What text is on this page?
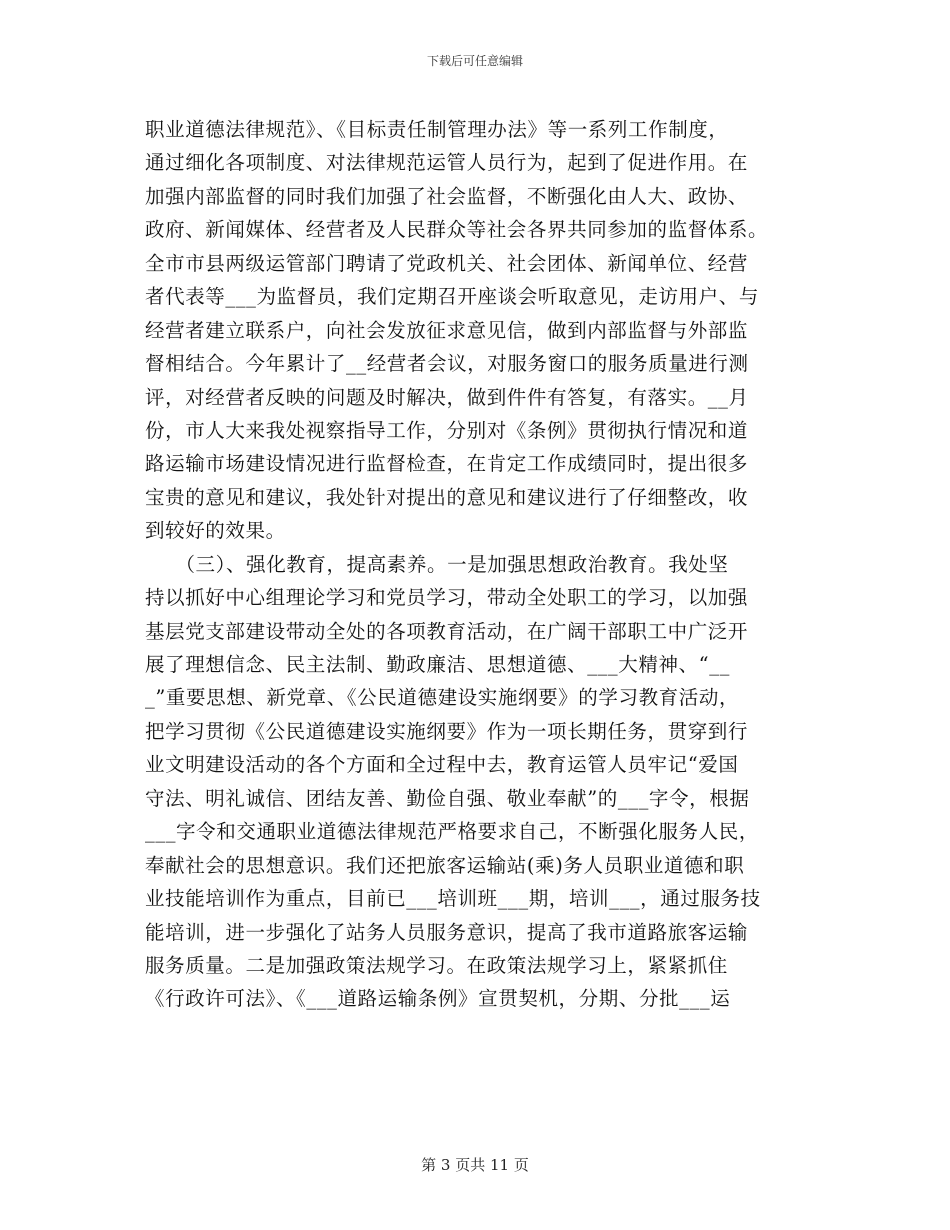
下载后可任意编辑
职业道德法律规范》、《目标责任制管理办法》等一系列工作制度，
通过细化各项制度、对法律规范运管人员行为，起到了促进作用。在
加强内部监督的同时我们加强了社会监督，不断强化由人大、政协、
政府、新闻媒体、经营者及人民群众等社会各界共同参加的监督体系。
全市市县两级运管部门聘请了党政机关、社会团体、新闻单位、经营
者代表等___为监督员，我们定期召开座谈会听取意见，走访用户、与
经营者建立联系户，向社会发放征求意见信，做到内部监督与外部监
督相结合。今年累计了__经营者会议，对服务窗口的服务质量进行测
评，对经营者反映的问题及时解决，做到件件有答复，有落实。__月
份，市人大来我处视察指导工作，分别对《条例》贯彻执行情况和道
路运输市场建设情况进行监督检查，在肯定工作成绩同时，提出很多
宝贵的意见和建议，我处针对提出的意见和建议进行了仔细整改，收
到较好的效果。
　　（三）、强化教育，提高素养。一是加强思想政治教育。我处坚
持以抓好中心组理论学习和党员学习，带动全处职工的学习，以加强
基层党支部建设带动全处的各项教育活动，在广阔干部职工中广泛开
展了理想信念、民主法制、勤政廉洁、思想道德、___大精神、“__
_”重要思想、新党章、《公民道德建设实施纲要》的学习教育活动，
把学习贯彻《公民道德建设实施纲要》作为一项长期任务，贯穿到行
业文明建设活动的各个方面和全过程中去，教育运管人员牢记“爱国
守法、明礼诚信、团结友善、勤俭自强、敬业奉献”的___字令，根据
___字令和交通职业道德法律规范严格要求自己，不断强化服务人民，
奉献社会的思想意识。我们还把旅客运输站(乘)务人员职业道德和职
业技能培训作为重点，目前已___培训班___期，培训___，通过服务技
能培训，进一步强化了站务人员服务意识，提高了我市道路旅客运输
服务质量。二是加强政策法规学习。在政策法规学习上，紧紧抓住
《行政许可法》、《___道路运输条例》宣贯契机，分期、分批___运
第 3 页共 11 页
